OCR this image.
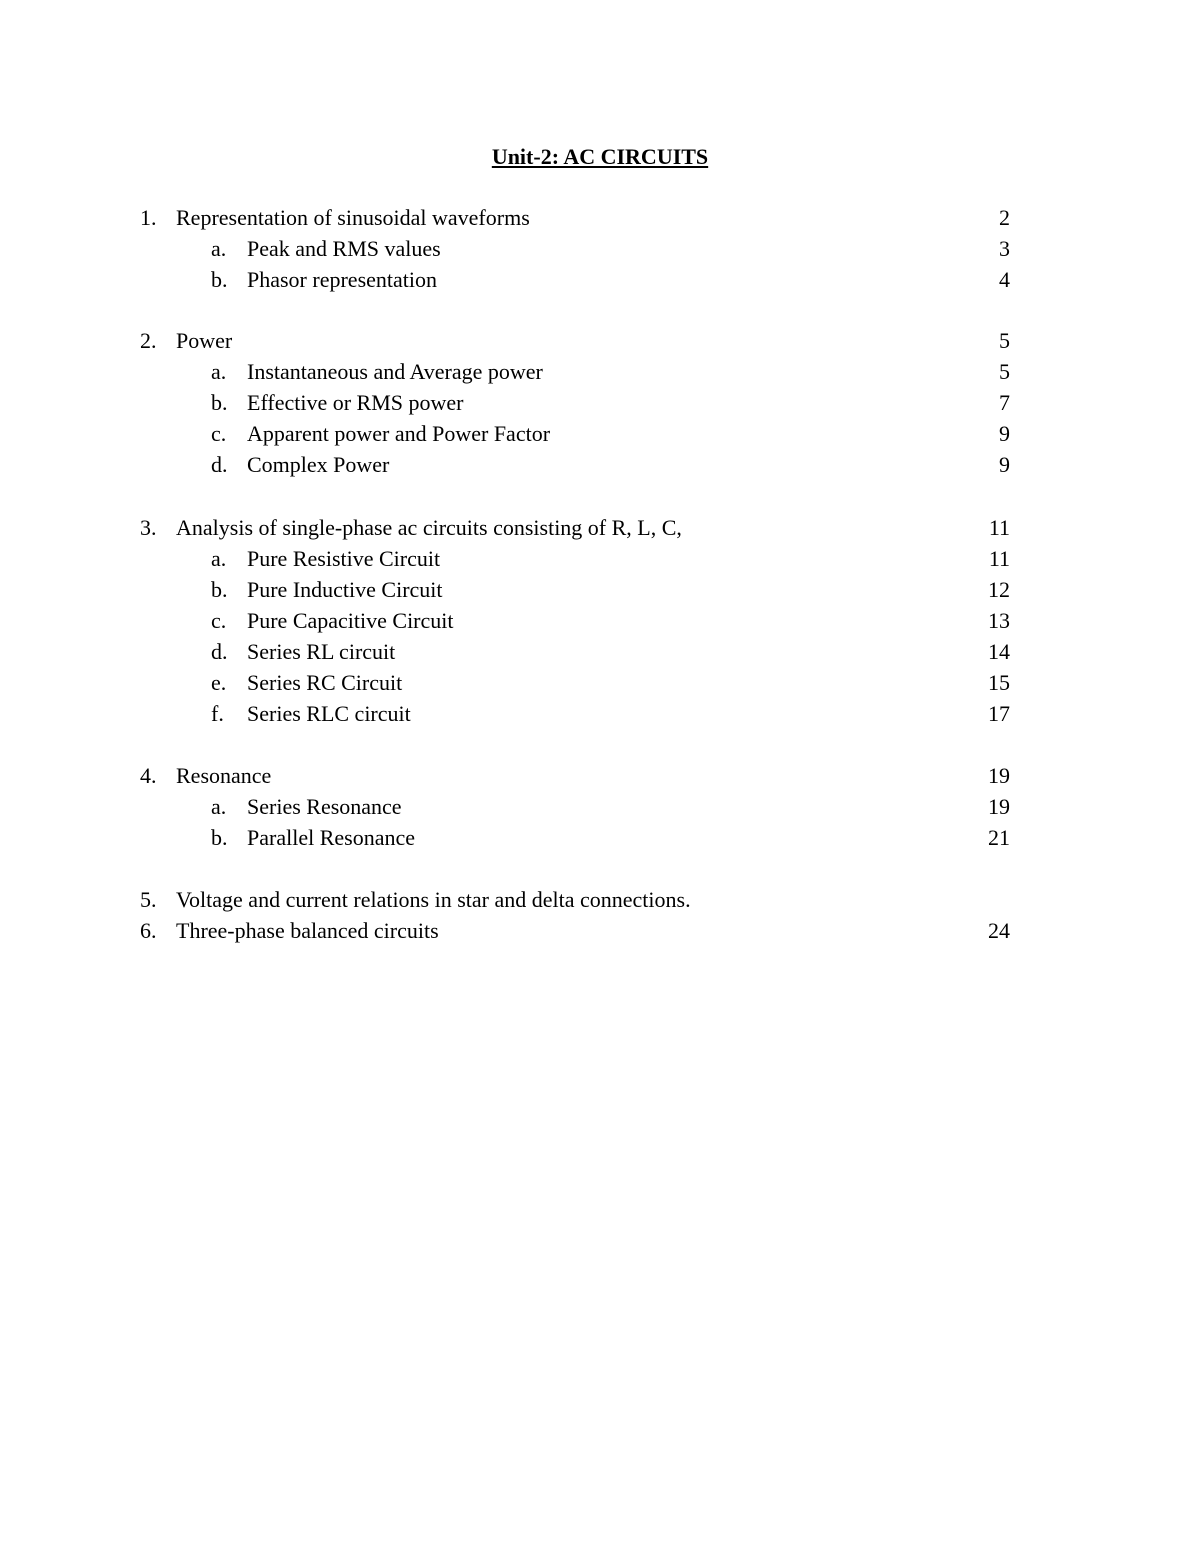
Unit-2: AC CIRCUITS
1. Representation of sinusoidal waveforms	2
a. Peak and RMS values	3
b. Phasor representation	4
2. Power	5
a. Instantaneous and Average power	5
b. Effective or RMS power	7
c. Apparent power and Power Factor	9
d. Complex Power	9
3. Analysis of single-phase ac circuits consisting of R, L, C,	11
a. Pure Resistive Circuit	11
b. Pure Inductive Circuit	12
c. Pure Capacitive Circuit	13
d. Series RL circuit	14
e. Series RC Circuit	15
f. Series RLC circuit	17
4. Resonance	19
a. Series Resonance	19
b. Parallel Resonance	21
5. Voltage and current relations in star and delta connections.
6. Three-phase balanced circuits	24
